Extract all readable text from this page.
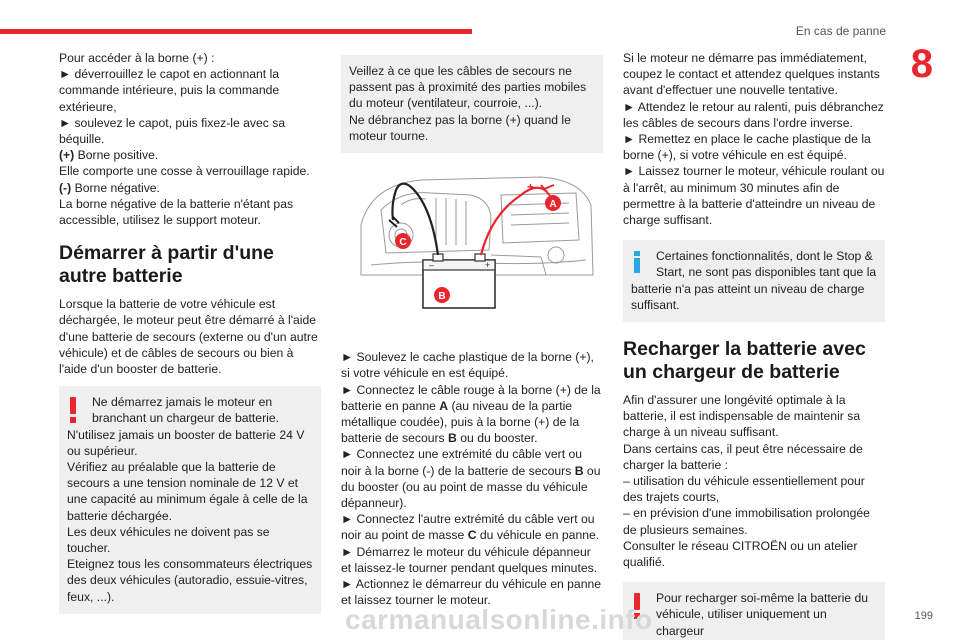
En cas de panne
8

Pour accéder à la borne (+) :
► déverrouillez le capot en actionnant la commande intérieure, puis la commande extérieure,
► soulevez le capot, puis fixez-le avec sa béquille.

(+) Borne positive.

Elle comporte une cosse à verrouillage rapide.

(-) Borne négative.

La borne négative de la batterie n'étant pas accessible, utilisez le support moteur.

Démarrer à partir d'une
autre batterie

Lorsque la batterie de votre véhicule est déchargée, le moteur peut être démarré à l'aide d'une batterie de secours (externe ou d'un autre véhicule) et de câbles de secours ou bien à l'aide d'un booster de batterie.

Ne démarrez jamais le moteur en
branchant un chargeur de batterie.
N'utilisez jamais un booster de batterie 24 V ou supérieur.
Vérifiez au préalable que la batterie de secours a une tension nominale de 12 V et une capacité au minimum égale à celle de la batterie déchargée.
Les deux véhicules ne doivent pas se toucher.
Eteignez tous les consommateurs électriques des deux véhicules (autoradio, essuie-vitres, feux, ...).

Veillez à ce que les câbles de secours ne passent pas à proximité des parties mobiles du moteur (ventilateur, courroie, ...).
Ne débranchez pas la borne (+) quand le moteur tourne.

–	+
+
A
B
C

► Soulevez le cache plastique de la borne (+), si votre véhicule en est équipé.

► Connectez le câble rouge à la borne (+) de la batterie en panne A (au niveau de la partie métallique coudée), puis à la borne (+) de la batterie de secours B ou du booster.

► Connectez une extrémité du câble vert ou noir à la borne (-) de la batterie de secours B ou du booster (ou au point de masse du véhicule dépanneur).

► Connectez l'autre extrémité du câble vert ou noir au point de masse C du véhicule en panne.

► Démarrez le moteur du véhicule dépanneur et laissez-le tourner pendant quelques minutes.

► Actionnez le démarreur du véhicule en panne et laissez tourner le moteur.

Si le moteur ne démarre pas immédiatement, coupez le contact et attendez quelques instants avant d'effectuer une nouvelle tentative.
► Attendez le retour au ralenti, puis débranchez les câbles de secours dans l'ordre inverse.
► Remettez en place le cache plastique de la borne (+), si votre véhicule en est équipé.
► Laissez tourner le moteur, véhicule roulant ou à l'arrêt, au minimum 30 minutes afin de permettre à la batterie d'atteindre un niveau de charge suffisant.

Certaines fonctionnalités, dont le Stop &
Start, ne sont pas disponibles tant que la
batterie n'a pas atteint un niveau de charge suffisant.
Recharger la batterie avec
un chargeur de batterie

Afin d'assurer une longévité optimale à la batterie, il est indispensable de maintenir sa charge à un niveau suffisant.
Dans certains cas, il peut être nécessaire de charger la batterie :
– utilisation du véhicule essentiellement pour des trajets courts,
– en prévision d'une immobilisation prolongée de plusieurs semaines.
Consulter le réseau CITROËN ou un atelier qualifié.

Pour recharger soi-même la batterie du
véhicule, utiliser uniquement un chargeur
carmanualsonline.info	199
